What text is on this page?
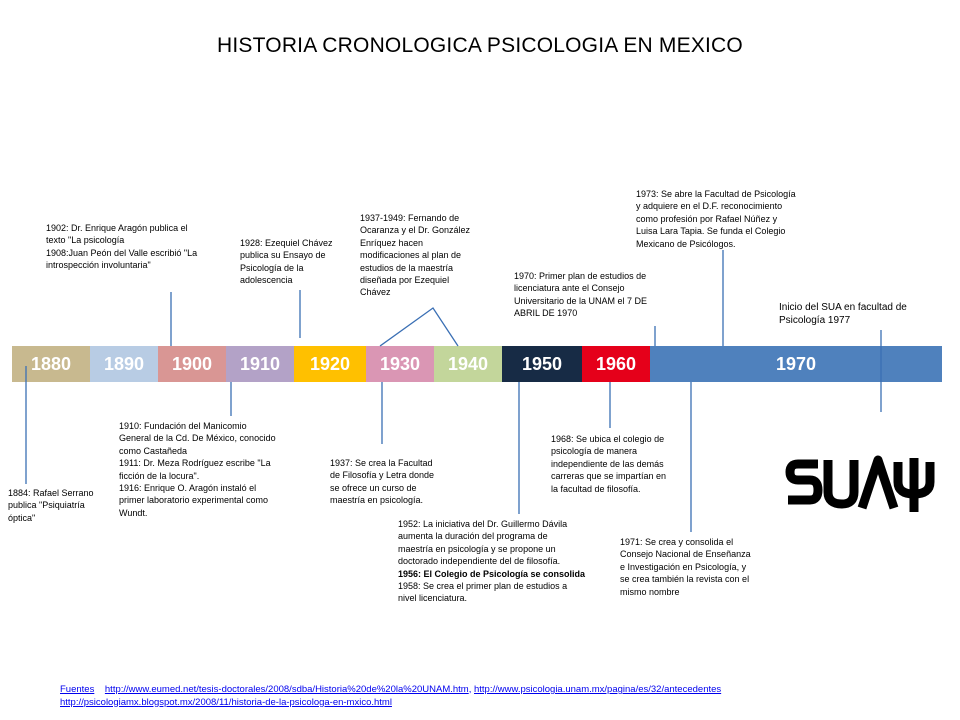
HISTORIA CRONOLOGICA PSICOLOGIA EN MEXICO
1880	1890	1900	1910	1920	1930	1940	1950	1960	1970
1902: Dr. Enrique Aragón publica el
texto "La psicología
1908:Juan Peón del Valle escribió "La
introspección involuntaria"
1928: Ezequiel Chávez
publica su Ensayo de
Psicología de la
adolescencia
1937-1949: Fernando de
Ocaranza y el Dr. González
Enríquez hacen
modificaciones al plan de
estudios de la maestría
diseñada por Ezequiel
Chávez
1970: Primer plan de estudios de
licenciatura ante el Consejo
Universitario de la UNAM el 7 DE
ABRIL DE 1970
1973: Se abre la Facultad de Psicología
y adquiere en el D.F. reconocimiento
como profesión por Rafael Núñez y
Luisa Lara Tapia. Se funda el Colegio
Mexicano de Psicólogos.
Inicio del SUA en facultad de
Psicología 1977
1884: Rafael Serrano
publica "Psiquiatría
óptica"
1910: Fundación del Manicomio
General de la Cd. De México, conocido
como Castañeda
1911: Dr. Meza Rodríguez escribe "La
ficción de la locura".
1916: Enrique O. Aragón instaló el
primer laboratorio experimental como
Wundt.
1937: Se crea la Facultad
de Filosofía y Letra donde
se ofrece un curso de
maestría en psicología.
1952: La iniciativa del Dr. Guillermo Dávila
aumenta la duración del programa de
maestría en psicología y se propone un
doctorado independiente del de filosofía.
1956: El Colegio de Psicología se consolida
1958: Se crea el primer plan de estudios a
nivel licenciatura.
1968: Se ubica el colegio de
psicología de manera
independiente de las demás
carreras que se impartían en
la facultad de filosofía.
1971: Se crea y consolida el
Consejo Nacional de Enseñanza
e Investigación en Psicología, y
se crea también la revista con el
mismo nombre
Fuentes http://www.eumed.net/tesis-doctorales/2008/sdba/Historia%20de%20la%20UNAM.htm, http://www.psicologia.unam.mx/pagina/es/32/antecedentes
http://psicologiamx.blogspot.mx/2008/11/historia-de-la-psicologa-en-mxico.html
